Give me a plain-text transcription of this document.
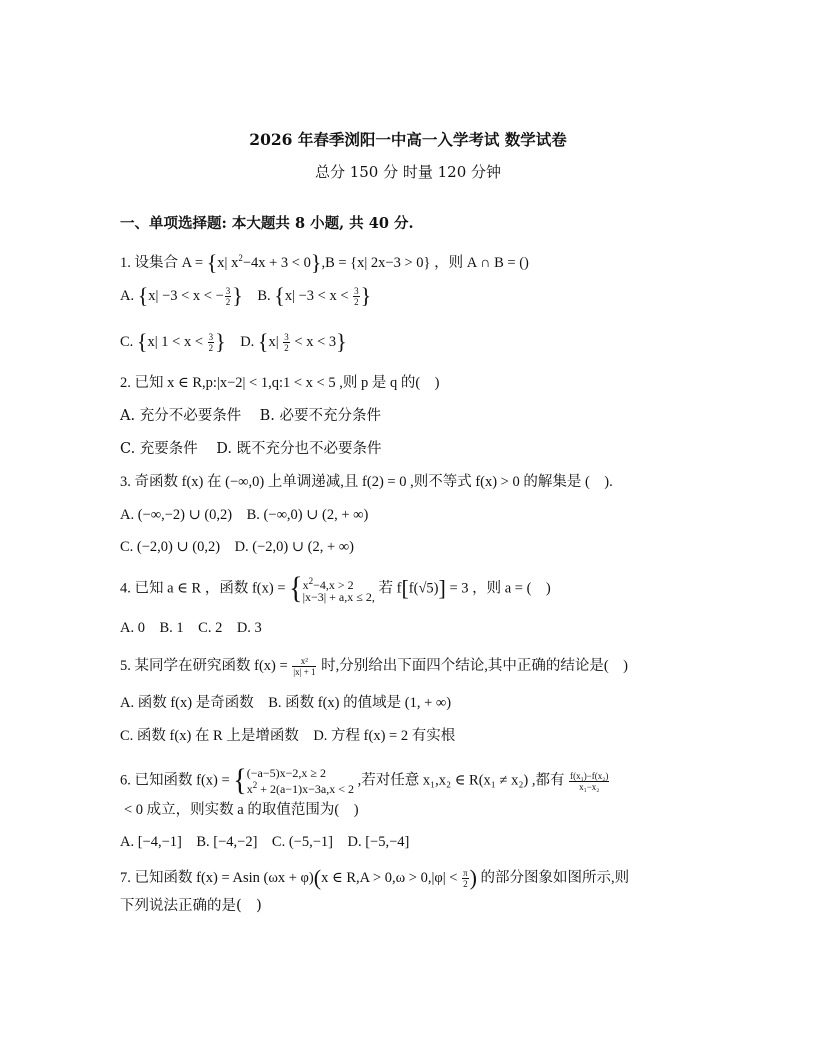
2026 年春季浏阳一中高一入学考试 数学试卷
总分 150 分 时量 120 分钟
一、单项选择题: 本大题共 8 小题, 共 40 分.
1. 设集合 A = {x| $x^2-4x + 3 < 0\},B = \{x|$ 2x−3 > 0} ，则 A ∩ B = ()
A. {x| −3 < x < − $\frac{3}{2}$ } B. {$x| -3 < x < \frac{3}{2}$ }
C. {x| $1 < x < \frac{3}{2}$ } D. $\{x| \frac{3}{2} < x < 3\}$
2. 已知 x ∈ R,p:|x−2| < 1,q:1 < x < 5 ,则 p 是 q 的(　)
A. 充分不必要条件 B. 必要不充分条件
C. 充要条件 D. 既不充分也不必要条件
3. 奇函数 f(x) 在 (−∞,0) 上单调递减,且 f(2) = 0 ,则不等式 f(x) > 0 的解集是 (　).
A. (−∞,−2) ∪ (0,2) B. (−∞,0) ∪ (2, + ∞)
C. (−2,0) ∪ (0,2) D. (−2,0) ∪ (2, + ∞)
4. 已知 a ∈ R ，函数 $f(x) = \{x^2-4,x > 2$
|x−3| + a,x ≤ 2, 若 f[f(√5)] = 3 ，则 a = (　)
A. 0 B. 1 C. 2 D. 3
5. 某同学在研究函数 $f(x) = \frac{\text{x²}}{|x| + 1}$ 时,分别给出下面四个结论,其中正确的结论是(　)
A. 函数 f(x) 是奇函数 B. 函数 f(x) 的值域是 (1, + ∞)
C. 函数 f(x) 在 R 上是增函数 D. 方程 f(x) = 2 有实根
6. 已知函数 f(x) = {(−a−5)x−2,x ≥ 2
$x^2 + 2(a-1)x-3a,x < 2$ ,若对任意 x₁,x₂ ∈ R(x₁ ≠ x₂) ,都有 $\frac{\text{f(x₁)−f(x₂)}}{\text{x₁−x₂}}$
< 0 成立，则实数 a 的取值范围为(　)
A. [−4,−1] B. [−4,−2] C. (−5,−1] D. [−5,−4]
7. 已知函数 f(x) = Asin (ωx + φ)(x ∈ $R,A > 0,\omega > 0,|\varphi| < \frac{\pi}{2}$ ) 的部分图象如图所示,则
下列说法正确的是(　)
